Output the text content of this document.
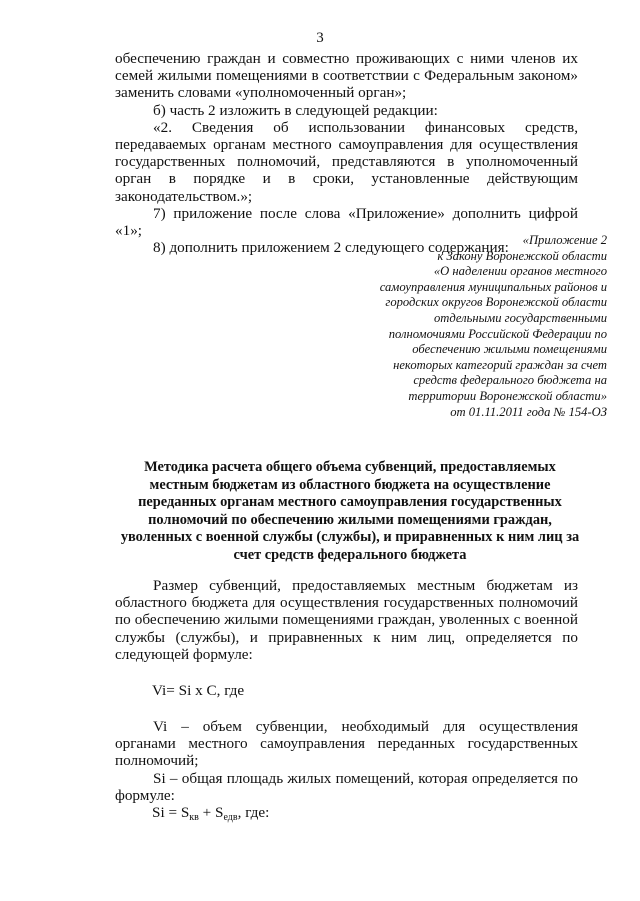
3

обеспечению граждан и совместно проживающих с ними членов их семей жилыми помещениями в соответствии с Федеральным законом» заменить словами «уполномоченный орган»;

б) часть 2 изложить в следующей редакции:

«2. Сведения об использовании финансовых средств, передаваемых органам местного самоуправления для осуществления государственных полномочий, представляются в уполномоченный орган в порядке и в сроки, установленные действующим законодательством.»;

7) приложение после слова «Приложение» дополнить цифрой «1»;

8) дополнить приложением 2 следующего содержания:	«Приложение 2
к Закону Воронежской области
«О наделении органов местного
самоуправления муниципальных районов и
городских округов Воронежской области
отдельными государственными
полномочиями Российской Федерации по
обеспечению жилыми помещениями
некоторых категорий граждан за счет
средств федерального бюджета на
территории Воронежской области»
от 01.11.2011 года № 154-ОЗ
Методика расчета общего объема субвенций, предоставляемых
местным бюджетам из областного бюджета на осуществление
переданных органам местного самоуправления государственных
полномочий по обеспечению жилыми помещениями граждан,
уволенных с военной службы (службы), и приравненных к ним лиц за
счет средств федерального бюджета

Размер субвенций, предоставляемых местным бюджетам из областного бюджета для осуществления государственных полномочий по обеспечению жилыми помещениями граждан, уволенных с военной службы (службы), и приравненных к ним лиц, определяется по следующей формуле:

Vi= Si x C, где

Vi – объем субвенции, необходимый для осуществления органами местного самоуправления переданных государственных полномочий;

Si – общая площадь жилых помещений, которая определяется по формуле:

$Si = S_{кв} + S_{едв}$, где:
